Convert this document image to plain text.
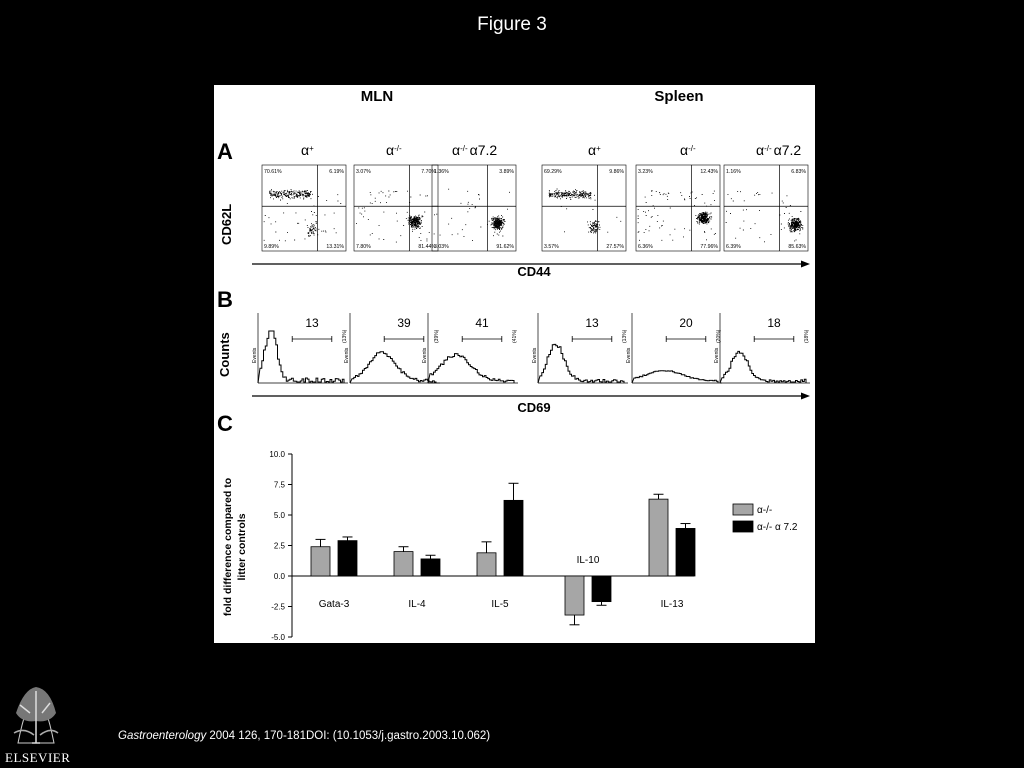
Figure 3
MLN	Spleen
A
B
C
α+	α-/-	α-/- α7.2	α+	α-/-	α-/- α7.2
CD62L
70.61%	6.19%
9.89%	13.31%
3.07%	7.70%
7.80%	81.44%
1.36%	3.89%
3.03%	91.62%
69.29%	9.86%
3.57%	27.57%
3.23%	12.43%
6.36%	77.96%
1.16%	6.83%
6.39%	85.63%
CD44
Counts	Events
13
(13%)
Events
39
(39%)
Events
41
(41%)
Events
13
(13%)
Events
20
(20%)
Events
18
(18%)
CD69
fold difference compared to litter controls
10.0
7.5
5.0
2.5
0.0
-2.5
-5.0
Gata-3	IL-4	IL-5
IL-10
IL-13
α-/-
α-/- α 7.2
ELSEVIER
Gastroenterology 2004 126, 170-181DOI: (10.1053/j.gastro.2003.10.062)
